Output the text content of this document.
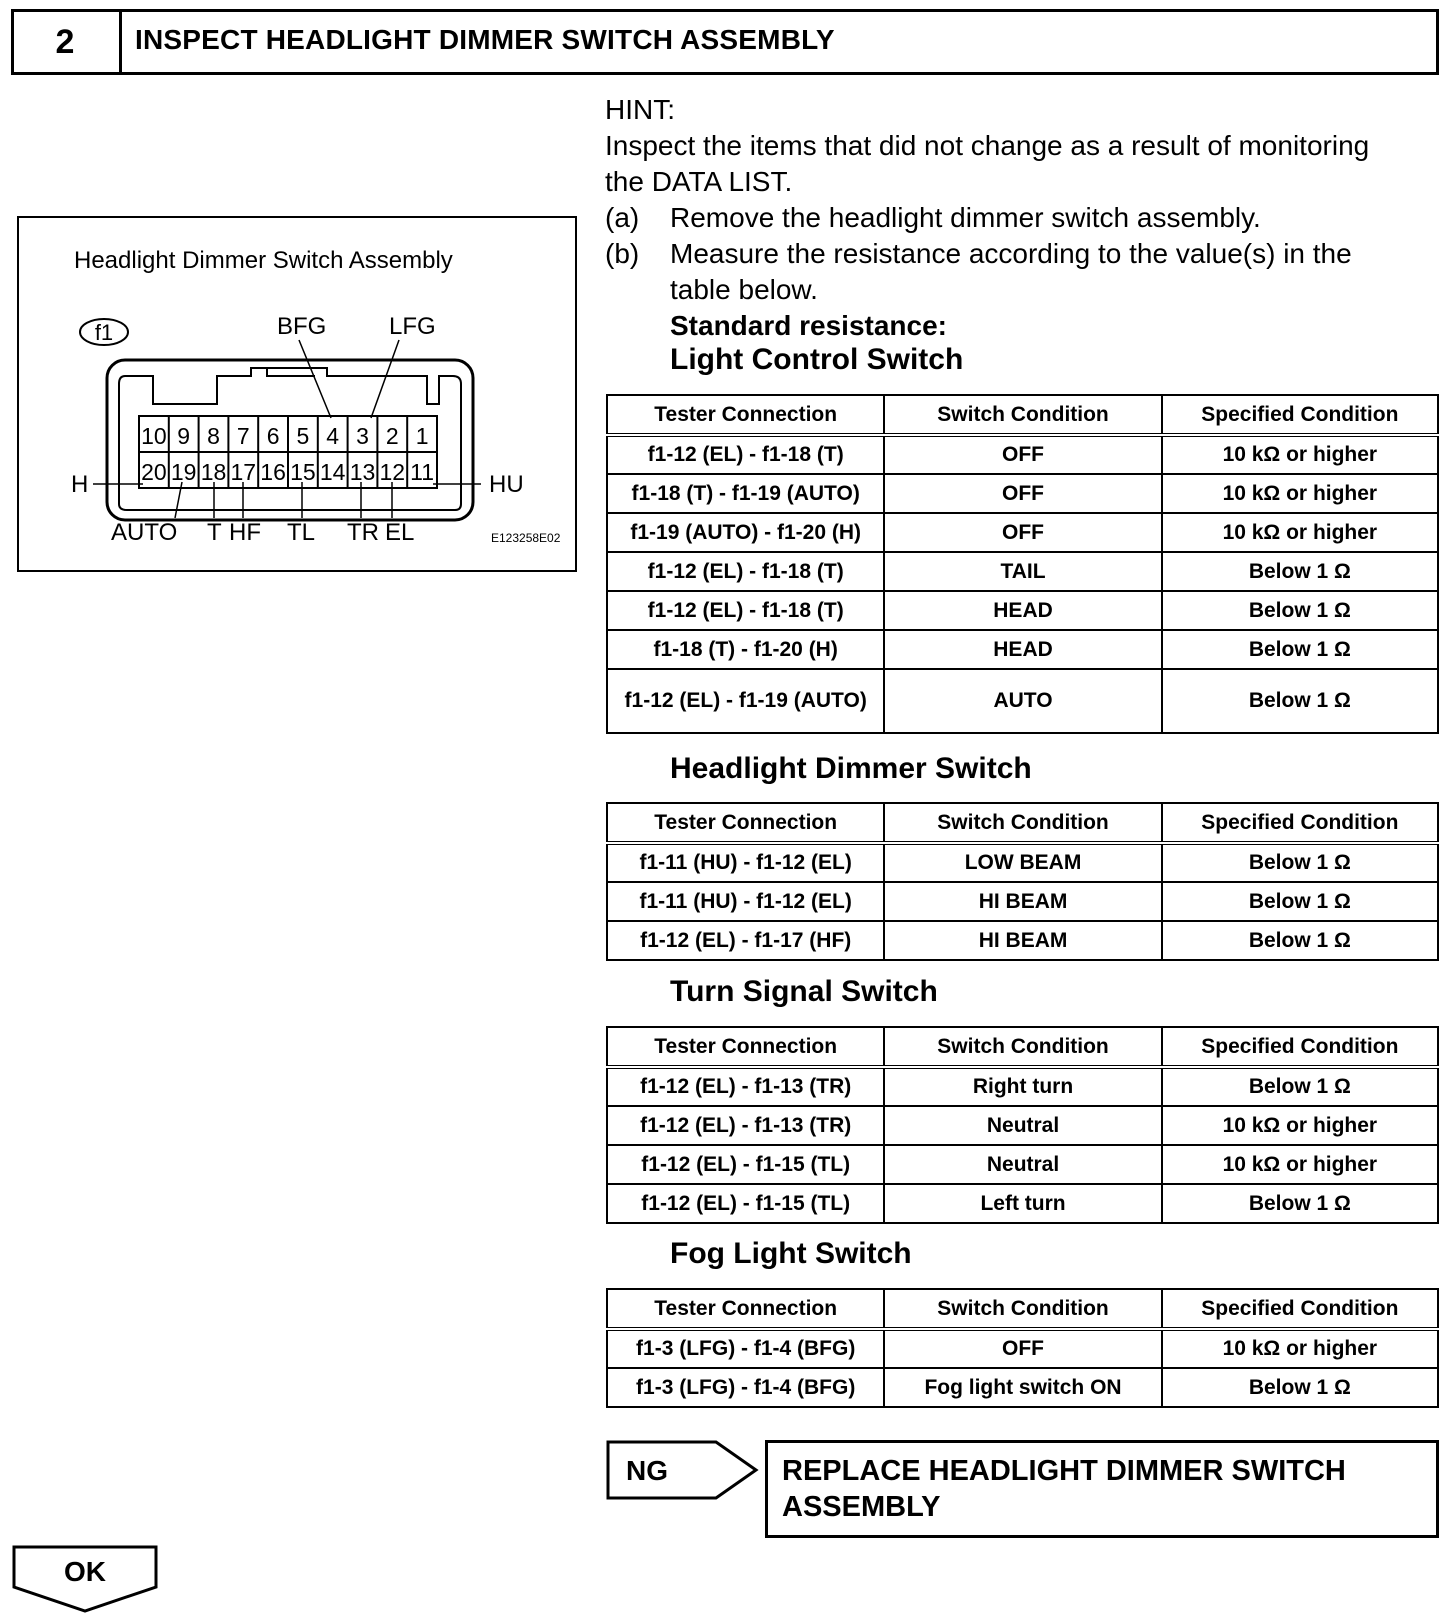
2	INSPECT HEADLIGHT DIMMER SWITCH ASSEMBLY
Headlight Dimmer Switch Assembly
f1	BFG	LFG
10 9 8 7 6 5 4 3 2 1
20 19 18 17 16 15 14 13 12 11
H	HU
AUTO T HF TL TR EL	E123258E02
HINT:
Inspect the items that did not change as a result of monitoring
the DATA LIST.
(a) Remove the headlight dimmer switch assembly.
(b) Measure the resistance according to the value(s) in the
table below.
Standard resistance:
Light Control Switch
Headlight Dimmer Switch
Turn Signal Switch
Fog Light Switch
Tester Connection	Switch Condition	Specified Condition
f1-12 (EL) - f1-18 (T)	OFF	10 kΩ or higher
f1-18 (T) - f1-19 (AUTO)	OFF	10 kΩ or higher
f1-19 (AUTO) - f1-20 (H)	OFF	10 kΩ or higher
f1-12 (EL) - f1-18 (T)	TAIL	Below 1 Ω
f1-12 (EL) - f1-18 (T)	HEAD	Below 1 Ω
f1-18 (T) - f1-20 (H)	HEAD	Below 1 Ω
f1-12 (EL) - f1-19 (AUTO)	AUTO	Below 1 Ω
Tester Connection	Switch Condition	Specified Condition
f1-11 (HU) - f1-12 (EL)	LOW BEAM	Below 1 Ω
f1-11 (HU) - f1-12 (EL)	HI BEAM	Below 1 Ω
f1-12 (EL) - f1-17 (HF)	HI BEAM	Below 1 Ω
Tester Connection	Switch Condition	Specified Condition
f1-12 (EL) - f1-13 (TR)	Right turn	Below 1 Ω
f1-12 (EL) - f1-13 (TR)	Neutral	10 kΩ or higher
f1-12 (EL) - f1-15 (TL)	Neutral	10 kΩ or higher
f1-12 (EL) - f1-15 (TL)	Left turn	Below 1 Ω
Tester Connection	Switch Condition	Specified Condition
f1-3 (LFG) - f1-4 (BFG)	OFF	10 kΩ or higher
f1-3 (LFG) - f1-4 (BFG)	Fog light switch ON	Below 1 Ω
NG	REPLACE HEADLIGHT DIMMER SWITCH
ASSEMBLY
OK
